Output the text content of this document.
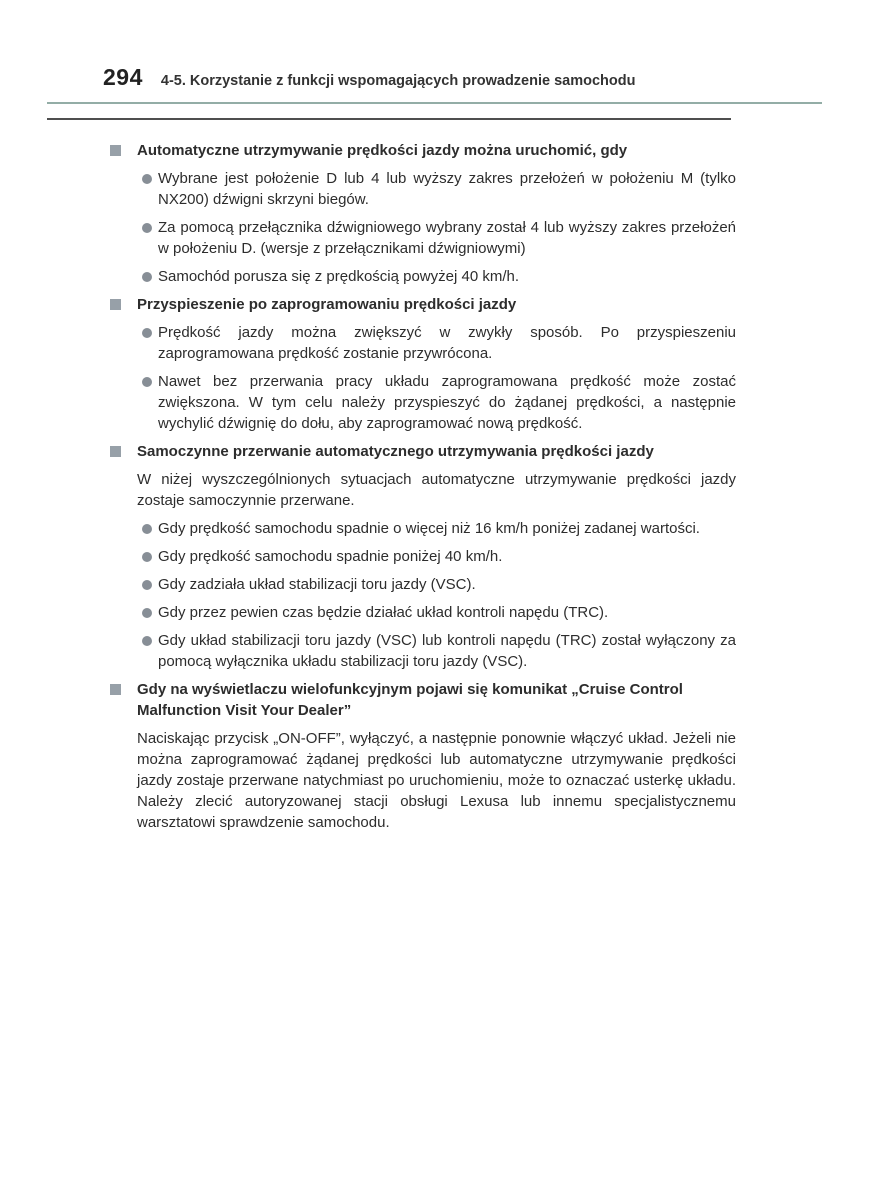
294 4-5. Korzystanie z funkcji wspomagających prowadzenie samochodu
Automatyczne utrzymywanie prędkości jazdy można uruchomić, gdy
Wybrane jest położenie D lub 4 lub wyższy zakres przełożeń w położeniu M (tylko NX200) dźwigni skrzyni biegów.
Za pomocą przełącznika dźwigniowego wybrany został 4 lub wyższy zakres przełożeń w położeniu D. (wersje z przełącznikami dźwigniowymi)
Samochód porusza się z prędkością powyżej 40 km/h.
Przyspieszenie po zaprogramowaniu prędkości jazdy
Prędkość jazdy można zwiększyć w zwykły sposób. Po przyspieszeniu zaprogramowana prędkość zostanie przywrócona.
Nawet bez przerwania pracy układu zaprogramowana prędkość może zostać zwiększona. W tym celu należy przyspieszyć do żądanej prędkości, a następnie wychylić dźwignię do dołu, aby zaprogramować nową prędkość.
Samoczynne przerwanie automatycznego utrzymywania prędkości jazdy
W niżej wyszczególnionych sytuacjach automatyczne utrzymywanie prędkości jazdy zostaje samoczynnie przerwane.
Gdy prędkość samochodu spadnie o więcej niż 16 km/h poniżej zadanej wartości.
Gdy prędkość samochodu spadnie poniżej 40 km/h.
Gdy zadziała układ stabilizacji toru jazdy (VSC).
Gdy przez pewien czas będzie działać układ kontroli napędu (TRC).
Gdy układ stabilizacji toru jazdy (VSC) lub kontroli napędu (TRC) został wyłączony za pomocą wyłącznika układu stabilizacji toru jazdy (VSC).
Gdy na wyświetlaczu wielofunkcyjnym pojawi się komunikat „Cruise Control Malfunction Visit Your Dealer”
Naciskając przycisk „ON-OFF”, wyłączyć, a następnie ponownie włączyć układ. Jeżeli nie można zaprogramować żądanej prędkości lub automatyczne utrzymywanie prędkości jazdy zostaje przerwane natychmiast po uruchomieniu, może to oznaczać usterkę układu. Należy zlecić autoryzowanej stacji obsługi Lexusa lub innemu specjalistycznemu warsztatowi sprawdzenie samochodu.
